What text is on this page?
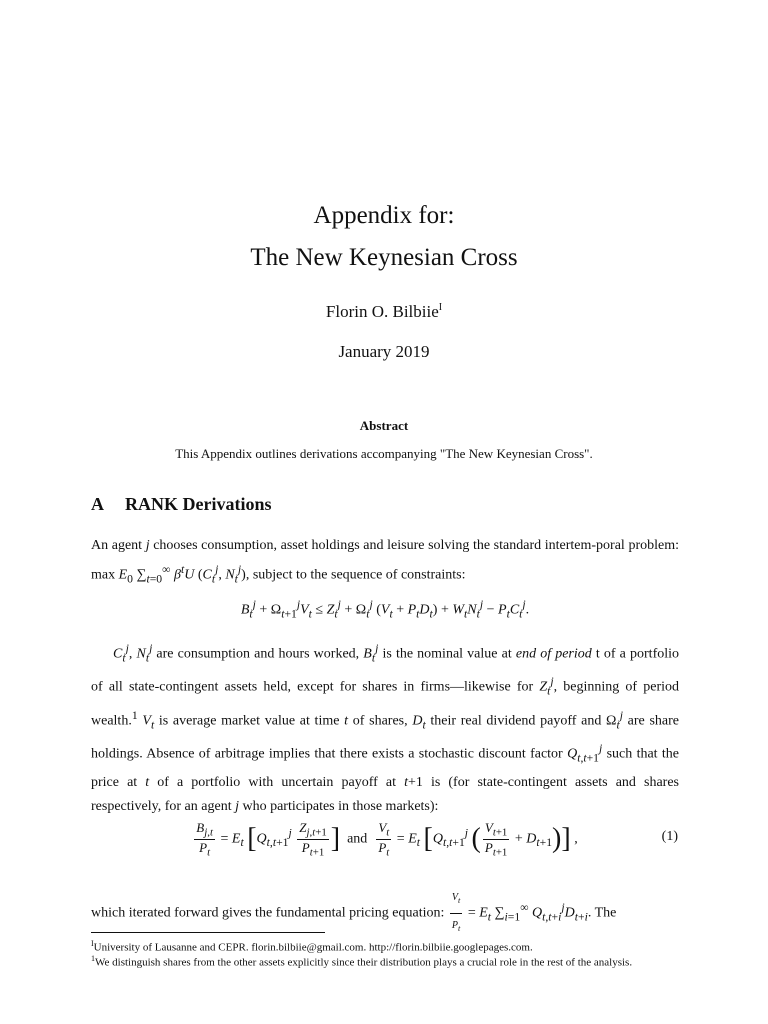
Appendix for:
The New Keynesian Cross
Florin O. Bilbiie$^I$
January 2019
Abstract
This Appendix outlines derivations accompanying "The New Keynesian Cross".
A RANK Derivations
An agent j chooses consumption, asset holdings and leisure solving the standard intertem-poral problem: $\max E_0$ $\sum_{t=0}^\infty$ $\beta^tU$ ($C_t^j$, $N_t^j$), subject to the sequence of constraints:
$B_t^j + \Omega_{t+1}^jV_t \le Z_t^j + \Omega_t^j$ $(V_t + P_tD_t) + W_tN_t^j - P_tC_t^j$.
$C_t^j$, $N_t^j$ are consumption and hours worked, $B_t^j$ is the nominal value at end of period t of a portfolio of all state-contingent assets held, except for shares in firms—likewise for $Z_t^j$, beginning of period wealth.$^1$ $V_t$ is average market value at time t of shares, $D_t$ their real dividend payoff and $\Omega_t^j$ are share holdings. Absence of arbitrage implies that there exists a stochastic discount factor $Q_{t,t+1}^j$ such that the price at t of a portfolio with uncertain payoff at t+1 is (for state-contingent assets and shares respectively, for an agent j who participates in those markets):
$\frac{B_{j,t}}{P_t} = E_t$ [$Q_{t,t+1}^j \frac{Z_{j,t+1}}{P_{t+1}}$ ] and $\frac{V_t}{P_t} = E_t$ [$Q_{t,t+1}^j$ ( $\frac{V_{t+1}}{P_{t+1}} + D_{t+1}$)] ,	(1)
which iterated forward gives the fundamental pricing equation: $\frac{V_t}{P_t} = E_t$ $\sum_{i=1}^\infty$ $Q_{t,t+i}^jD_{t+i}$. The
$^I$University of Lausanne and CEPR. florin.bilbiie@gmail.com. http://florin.bilbiie.googlepages.com.
$^1$We distinguish shares from the other assets explicitly since their distribution plays a crucial role in the rest of the analysis.
